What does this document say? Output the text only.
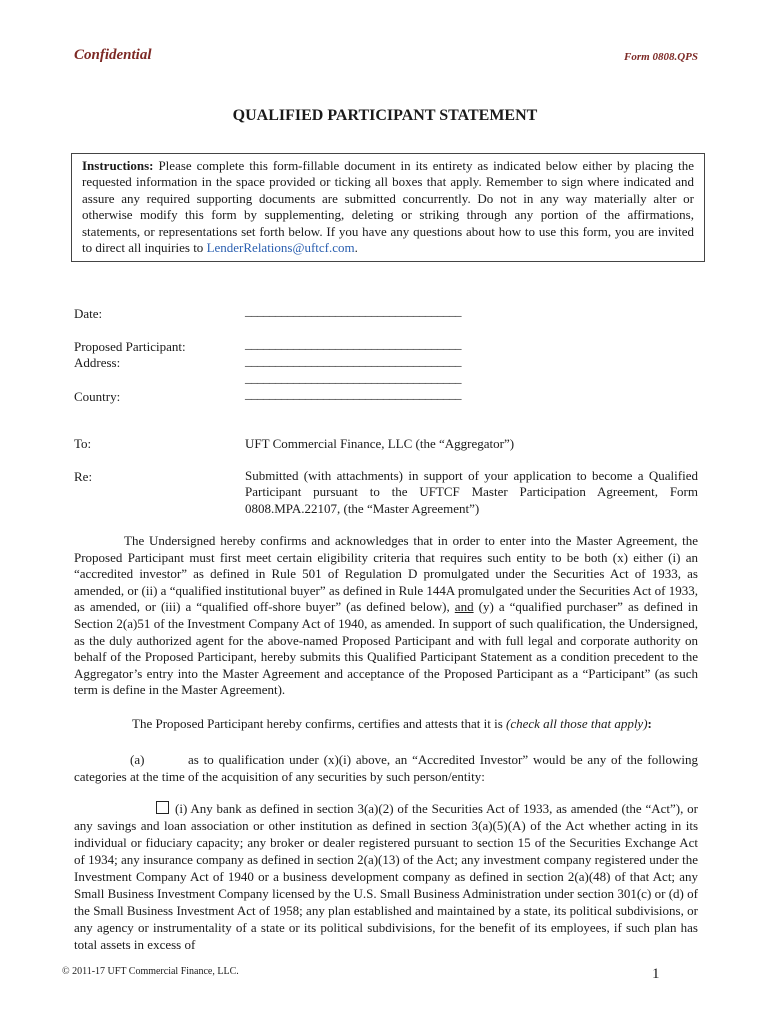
Confidential	Form 0808.QPS
QUALIFIED PARTICIPANT STATEMENT
Instructions: Please complete this form-fillable document in its entirety as indicated below either by placing the requested information in the space provided or ticking all boxes that apply. Remember to sign where indicated and assure any required supporting documents are submitted concurrently. Do not in any way materially alter or otherwise modify this form by supplementing, deleting or striking through any portion of the affirmations, statements, or representations set forth below. If you have any questions about how to use this form, you are invited to direct all inquiries to LenderRelations@uftcf.com.
Date:	____________________________________
Proposed Participant:	____________________________________
Address:	____________________________________
____________________________________
Country:	____________________________________
To:	UFT Commercial Finance, LLC (the “Aggregator”)
Re:	Submitted (with attachments) in support of your application to become a Qualified Participant pursuant to the UFTCF Master Participation Agreement, Form 0808.MPA.22107, (the “Master Agreement”)
The Undersigned hereby confirms and acknowledges that in order to enter into the Master Agreement, the Proposed Participant must first meet certain eligibility criteria that requires such entity to be both (x) either (i) an “accredited investor” as defined in Rule 501 of Regulation D promulgated under the Securities Act of 1933, as amended, or (ii) a “qualified institutional buyer” as defined in Rule 144A promulgated under the Securities Act of 1933, as amended, or (iii) a “qualified off-shore buyer” (as defined below), and (y) a “qualified purchaser” as defined in Section 2(a)51 of the Investment Company Act of 1940, as amended. In support of such qualification, the Undersigned, as the duly authorized agent for the above-named Proposed Participant and with full legal and corporate authority on behalf of the Proposed Participant, hereby submits this Qualified Participant Statement as a condition precedent to the Aggregator’s entry into the Master Agreement and acceptance of the Proposed Participant as a “Participant” (as such term is define in the Master Agreement).
The Proposed Participant hereby confirms, certifies and attests that it is (check all those that apply):
(a)	as to qualification under (x)(i) above, an “Accredited Investor” would be any of the following categories at the time of the acquisition of any securities by such person/entity:
(i) Any bank as defined in section 3(a)(2) of the Securities Act of 1933, as amended (the “Act”), or any savings and loan association or other institution as defined in section 3(a)(5)(A) of the Act whether acting in its individual or fiduciary capacity; any broker or dealer registered pursuant to section 15 of the Securities Exchange Act of 1934; any insurance company as defined in section 2(a)(13) of the Act; any investment company registered under the Investment Company Act of 1940 or a business development company as defined in section 2(a)(48) of that Act; any Small Business Investment Company licensed by the U.S. Small Business Administration under section 301(c) or (d) of the Small Business Investment Act of 1958; any plan established and maintained by a state, its political subdivisions, or any agency or instrumentality of a state or its political subdivisions, for the benefit of its employees, if such plan has total assets in excess of
© 2011-17 UFT Commercial Finance, LLC.	1
